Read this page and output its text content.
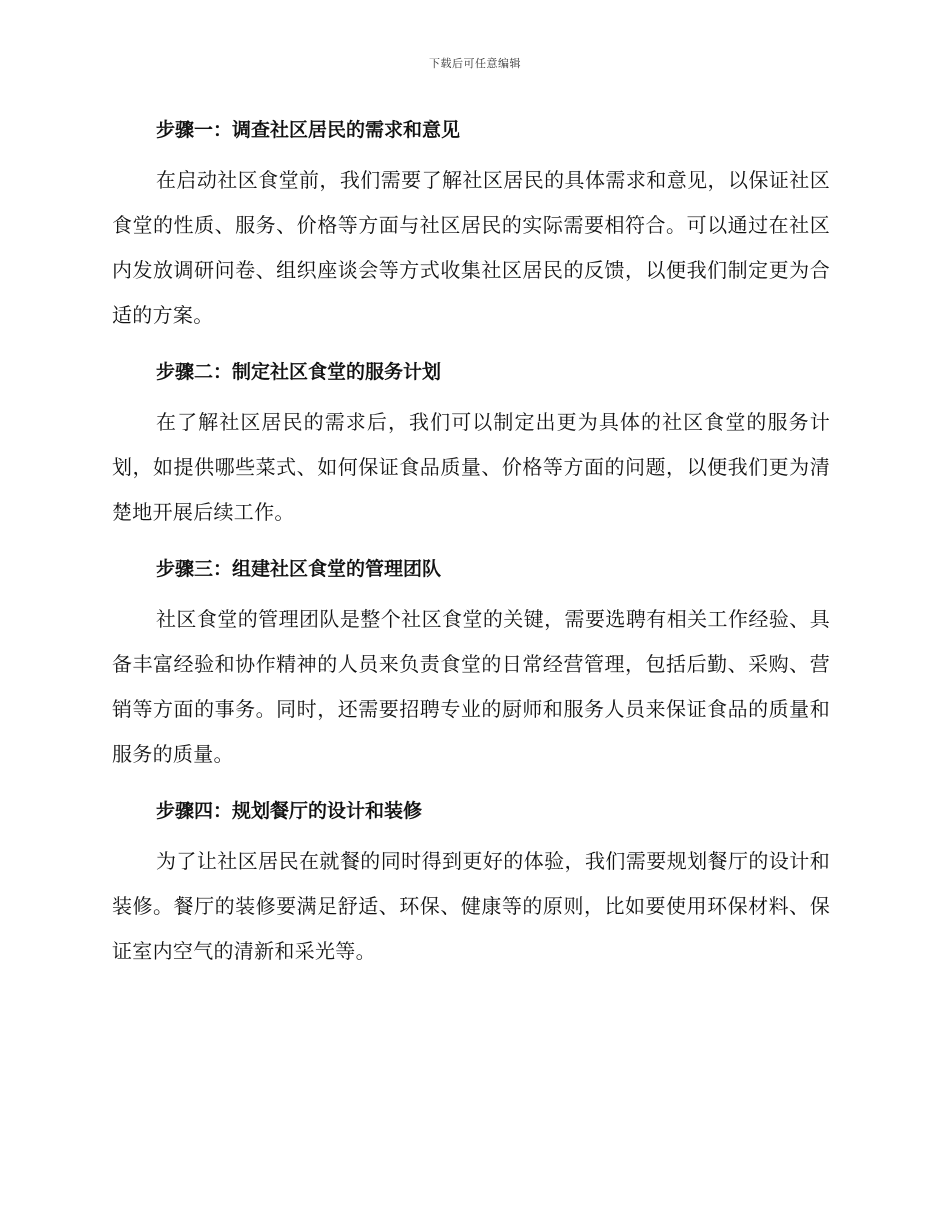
下载后可任意编辑
步骤一：调查社区居民的需求和意见

在启动社区食堂前，我们需要了解社区居民的具体需求和意见，以保证社区食堂的性质、服务、价格等方面与社区居民的实际需要相符合。可以通过在社区内发放调研问卷、组织座谈会等方式收集社区居民的反馈，以便我们制定更为合适的方案。

步骤二：制定社区食堂的服务计划

在了解社区居民的需求后，我们可以制定出更为具体的社区食堂的服务计划，如提供哪些菜式、如何保证食品质量、价格等方面的问题，以便我们更为清楚地开展后续工作。

步骤三：组建社区食堂的管理团队

社区食堂的管理团队是整个社区食堂的关键，需要选聘有相关工作经验、具备丰富经验和协作精神的人员来负责食堂的日常经营管理，包括后勤、采购、营销等方面的事务。同时，还需要招聘专业的厨师和服务人员来保证食品的质量和服务的质量。

步骤四：规划餐厅的设计和装修

为了让社区居民在就餐的同时得到更好的体验，我们需要规划餐厅的设计和装修。餐厅的装修要满足舒适、环保、健康等的原则，比如要使用环保材料、保证室内空气的清新和采光等。
